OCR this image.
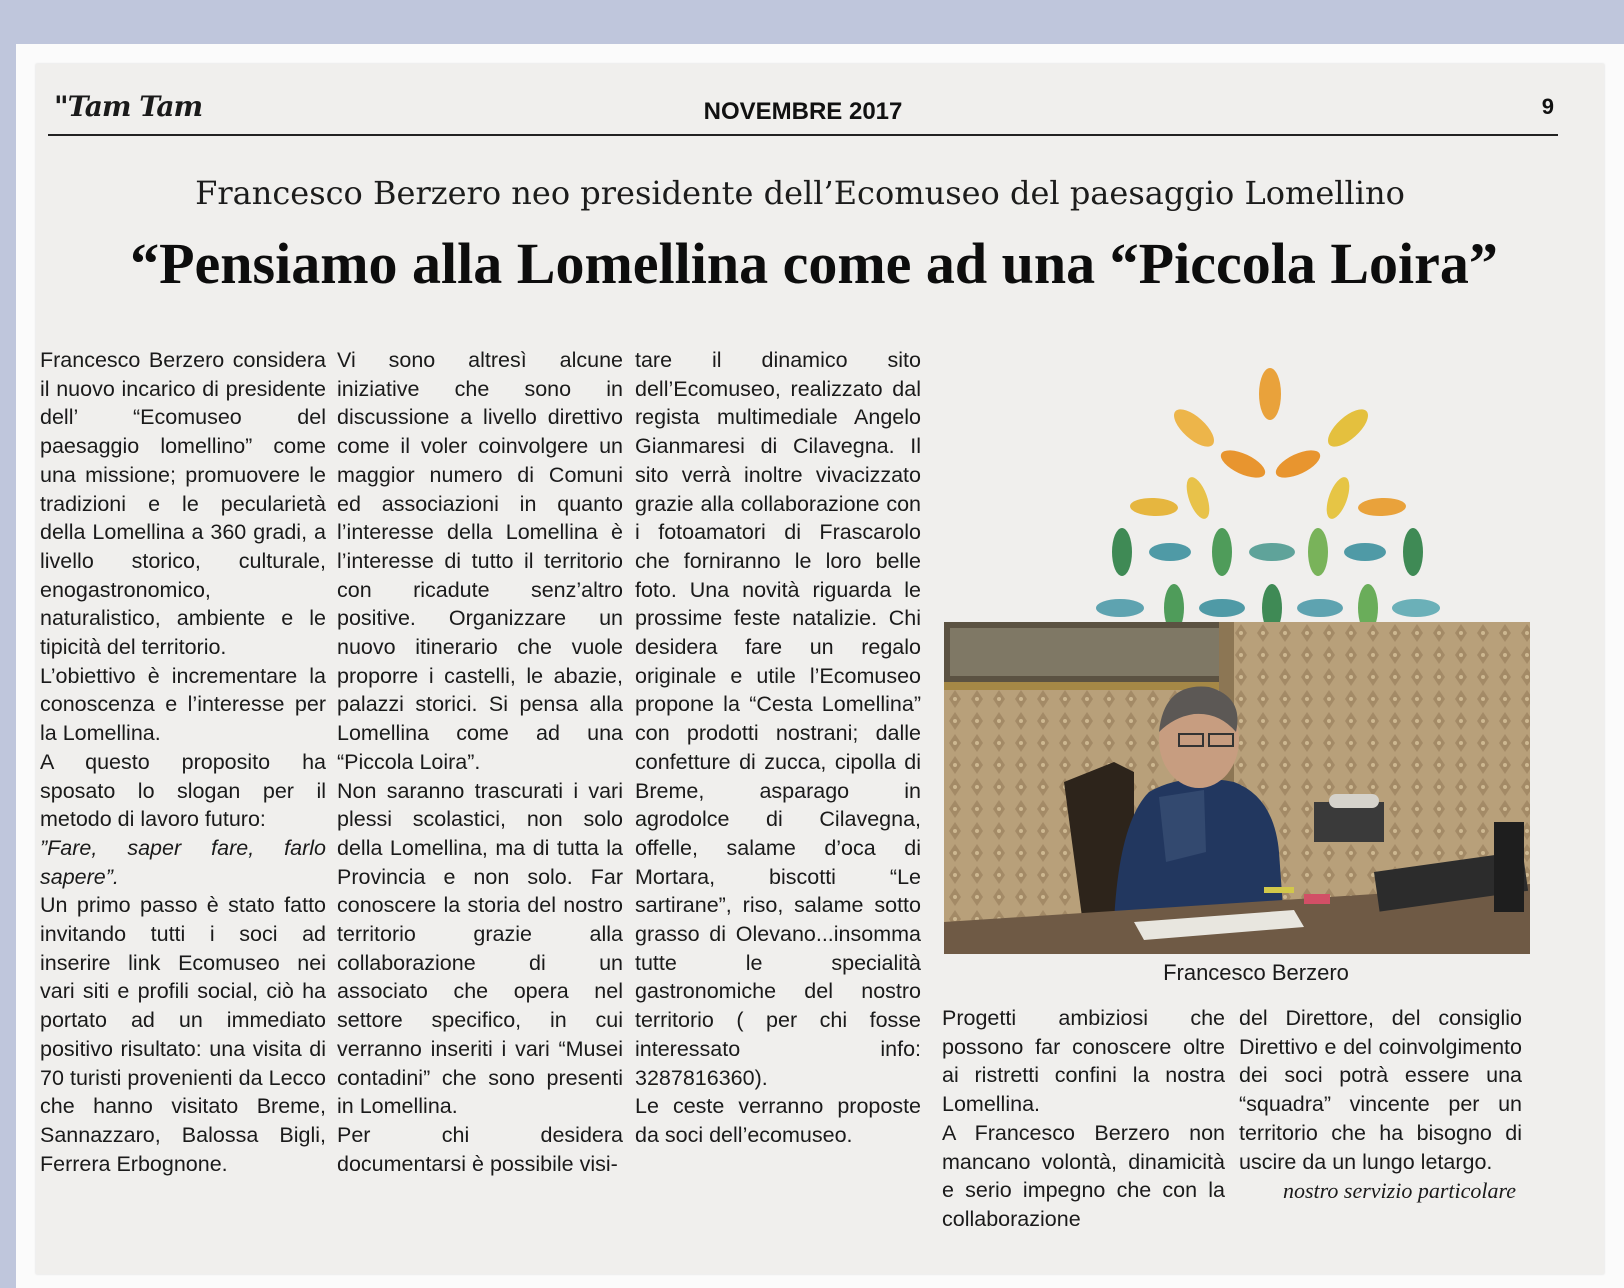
"Tam Tam	NOVEMBRE 2017	9
Francesco Berzero neo presidente dell’Ecomuseo del paesaggio Lomellino
“Pensiamo alla Lomellina come ad una “Piccola Loira”

Francesco Berzero considera il nuovo incarico di presidente dell’ “Ecomuseo del paesaggio lomellino” come una missione; promuovere le tradizioni e le pecularietà della Lomellina a 360 gradi, a livello storico, culturale, enogastronomico, naturalistico, ambiente e le tipicità del territorio.

L’obiettivo è incrementare la conoscenza e l’interesse per la Lomellina.

A questo proposito ha sposato lo slogan per il metodo di lavoro futuro:

”Fare, saper fare, farlo sapere”.

Un primo passo è stato fatto invitando tutti i soci ad inserire link Ecomuseo nei vari siti e profili social, ciò ha portato ad un immediato positivo risultato: una visita di 70 turisti provenienti da Lecco che hanno visitato Breme, Sannazzaro, Balossa Bigli, Ferrera Erbognone.

Vi sono altresì alcune iniziative che sono in discussione a livello direttivo come il voler coinvolgere un maggior numero di Comuni ed associazioni in quanto l’interesse della Lomellina è l’interesse di tutto il territorio con ricadute senz’altro positive. Organizzare un nuovo itinerario che vuole proporre i castelli, le abazie, palazzi storici. Si pensa alla Lomellina come ad una “Piccola Loira”.

Non saranno trascurati i vari plessi scolastici, non solo della Lomellina, ma di tutta la Provincia e non solo. Far conoscere la storia del nostro territorio grazie alla collaborazione di un associato che opera nel settore specifico, in cui verranno inseriti i vari “Musei contadini” che sono presenti in Lomellina.

Per chi desidera documentarsi è possibile visi-

tare il dinamico sito dell’Ecomuseo, realizzato dal regista multimediale Angelo Gianmaresi di Cilavegna. Il sito verrà inoltre vivacizzato grazie alla collaborazione con i fotoamatori di Frascarolo che forniranno le loro belle foto. Una novità riguarda le prossime feste natalizie. Chi desidera fare un regalo originale e utile l’Ecomuseo propone la “Cesta Lomellina” con prodotti nostrani; dalle confetture di zucca, cipolla di Breme, asparago in agrodolce di Cilavegna, offelle, salame d’oca di Mortara, biscotti “Le sartirane”, riso, salame sotto grasso di Olevano...insomma tutte le specialità gastronomiche del nostro territorio ( per chi fosse interessato info: 3287816360).

Le ceste verranno proposte da soci dell’ecomuseo.

Francesco Berzero

Progetti ambiziosi che possono far conoscere oltre ai ristretti confini la nostra Lomellina.

A Francesco Berzero non mancano volontà, dinamicità e serio impegno che con la collaborazione

del Direttore, del consiglio Direttivo e del coinvolgimento dei soci potrà essere una “squadra” vincente per un territorio che ha bisogno di uscire da un lungo letargo.

nostro servizio particolare
